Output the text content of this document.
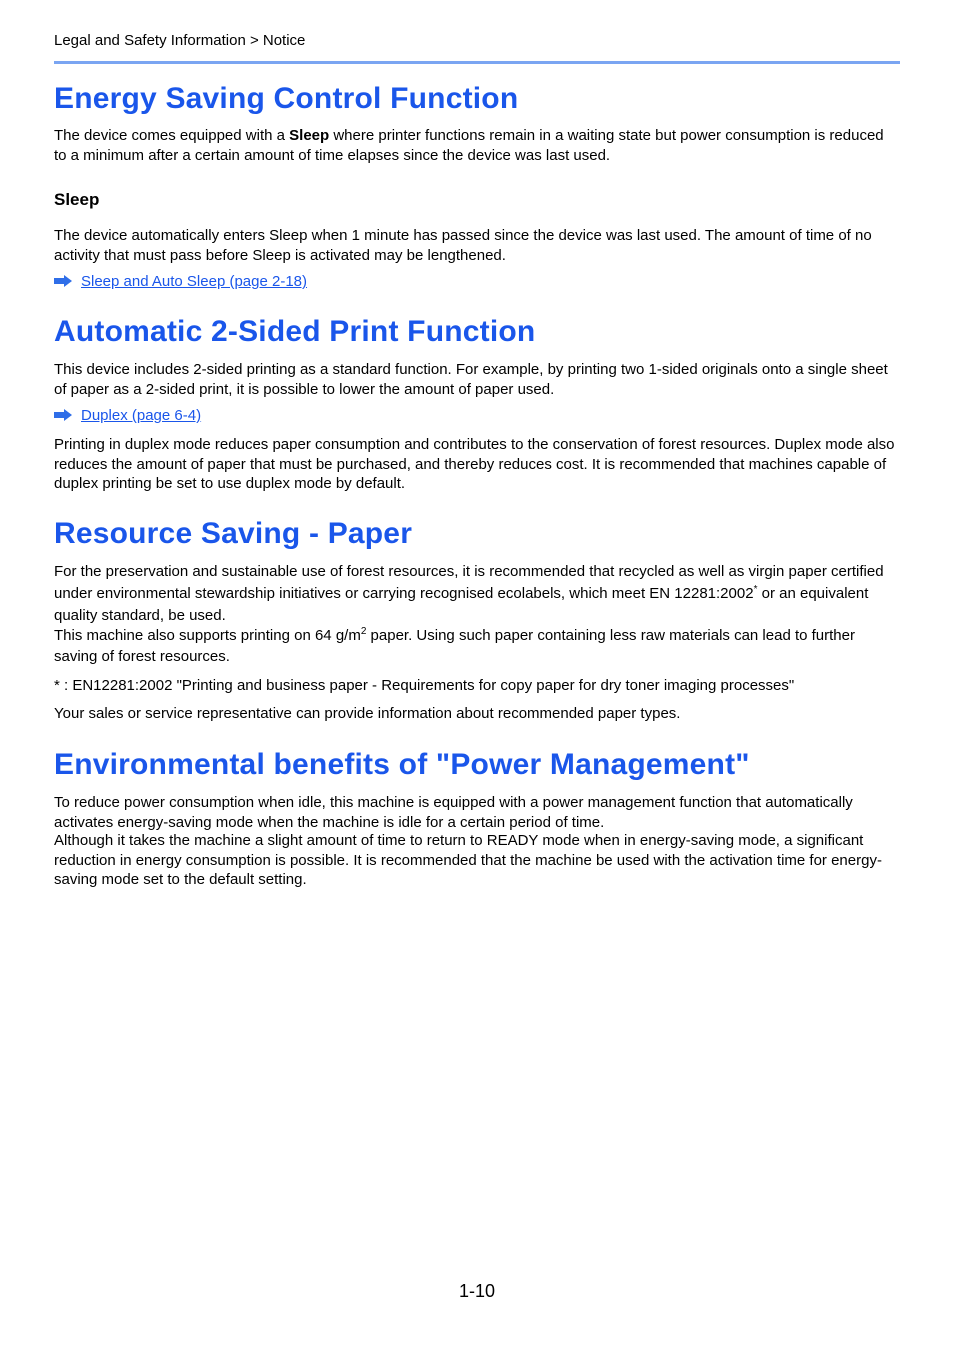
Legal and Safety Information > Notice
Energy Saving Control Function

The device comes equipped with a Sleep where printer functions remain in a waiting state but power consumption is reduced to a minimum after a certain amount of time elapses since the device was last used.

Sleep

The device automatically enters Sleep when 1 minute has passed since the device was last used. The amount of time of no activity that must pass before Sleep is activated may be lengthened.

Sleep and Auto Sleep (page 2-18)
Automatic 2-Sided Print Function

This device includes 2-sided printing as a standard function. For example, by printing two 1-sided originals onto a single sheet of paper as a 2-sided print, it is possible to lower the amount of paper used.

Duplex (page 6-4)

Printing in duplex mode reduces paper consumption and contributes to the conservation of forest resources. Duplex mode also reduces the amount of paper that must be purchased, and thereby reduces cost. It is recommended that machines capable of duplex printing be set to use duplex mode by default.

Resource Saving - Paper

For the preservation and sustainable use of forest resources, it is recommended that recycled as well as virgin paper certified under environmental stewardship initiatives or carrying recognised ecolabels, which meet EN 12281:2002* or an equivalent quality standard, be used.

This machine also supports printing on 64 $g/m^2$ paper. Using such paper containing less raw materials can lead to further saving of forest resources.

* : EN12281:2002 "Printing and business paper - Requirements for copy paper for dry toner imaging processes"

Your sales or service representative can provide information about recommended paper types.

Environmental benefits of "Power Management"

To reduce power consumption when idle, this machine is equipped with a power management function that automatically activates energy-saving mode when the machine is idle for a certain period of time.

Although it takes the machine a slight amount of time to return to READY mode when in energy-saving mode, a significant reduction in energy consumption is possible. It is recommended that the machine be used with the activation time for energy-saving mode set to the default setting.

1-10
